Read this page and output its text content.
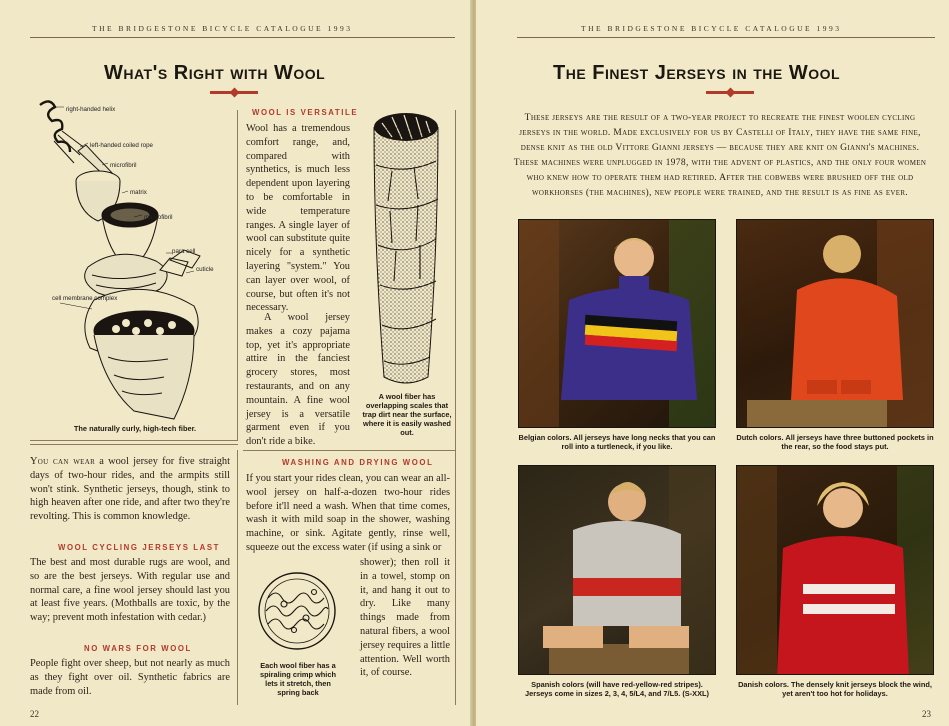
THE BRIDGESTONE BICYCLE CATALOGUE 1993
What's Right with Wool
right-handed helix
left-handed coiled rope
microfibril
matrix
macrofibril
para cell
cuticle
cell membrane complex
The naturally curly, high-tech fiber.
You can wear a wool jersey for five straight days of two-hour rides, and the armpits still won't stink. Synthetic jerseys, though, stink to high heaven after one ride, and after two they're revolting. This is common knowledge.
WOOL CYCLING JERSEYS LAST
The best and most durable rugs are wool, and so are the best jerseys. With regular use and normal care, a fine wool jersey should last you at least five years. (Mothballs are toxic, by the way; prevent moth infestation with cedar.)
NO WARS FOR WOOL
People fight over sheep, but not nearly as much as they fight over oil. Synthetic fabrics are made from oil.
WOOL IS VERSATILE
Wool has a tremendous comfort range, and, compared with synthetics, is much less dependent upon layering to be comfortable in wide temperature ranges. A single layer of wool can substitute quite nicely for a synthetic layering "system." You can layer over wool, of course, but often it's not necessary.
A wool jersey makes a cozy pajama top, yet it's appropriate attire in the fanciest grocery stores, most restaurants, and on any mountain. A fine wool jersey is a versatile garment even if you don't ride a bike.
A wool fiber has overlapping scales that trap dirt near the surface, where it is easily washed out.
WASHING AND DRYING WOOL
If you start your rides clean, you can wear an all-wool jersey on half-a-dozen two-hour rides before it'll need a wash. When that time comes, wash it with mild soap in the shower, washing machine, or sink. Agitate gently, rinse well, squeeze out the excess water (if using a sink or
shower); then roll it in a towel, stomp on it, and hang it out to dry. Like many things made from natural fibers, a wool jersey requires a little attention. Well worth it, of course.
Each wool fiber has a spiraling crimp which lets it stretch, then spring back
22
THE BRIDGESTONE BICYCLE CATALOGUE 1993
The Finest Jerseys in the Wool
These jerseys are the result of a two-year project to recreate the finest woolen cycling jerseys in the world. Made exclusively for us by Castelli of Italy, they have the same fine, dense knit as the old Vittore Gianni jerseys — because they are knit on Gianni's machines. These machines were unplugged in 1978, with the advent of plastics, and the only four women who knew how to operate them had retired. After the cobwebs were brushed off the old workhorses (the machines), new people were trained, and the result is as fine as ever.
Belgian colors. All jerseys have long necks that you can roll into a turtleneck, if you like.
Dutch colors. All jerseys have three buttoned pockets in the rear, so the food stays put.
Spanish colors (will have red-yellow-red stripes). Jerseys come in sizes 2, 3, 4, 5/L4, and 7/L5. (S-XXL)
Danish colors. The densely knit jerseys block the wind, yet aren't too hot for holidays.
23
